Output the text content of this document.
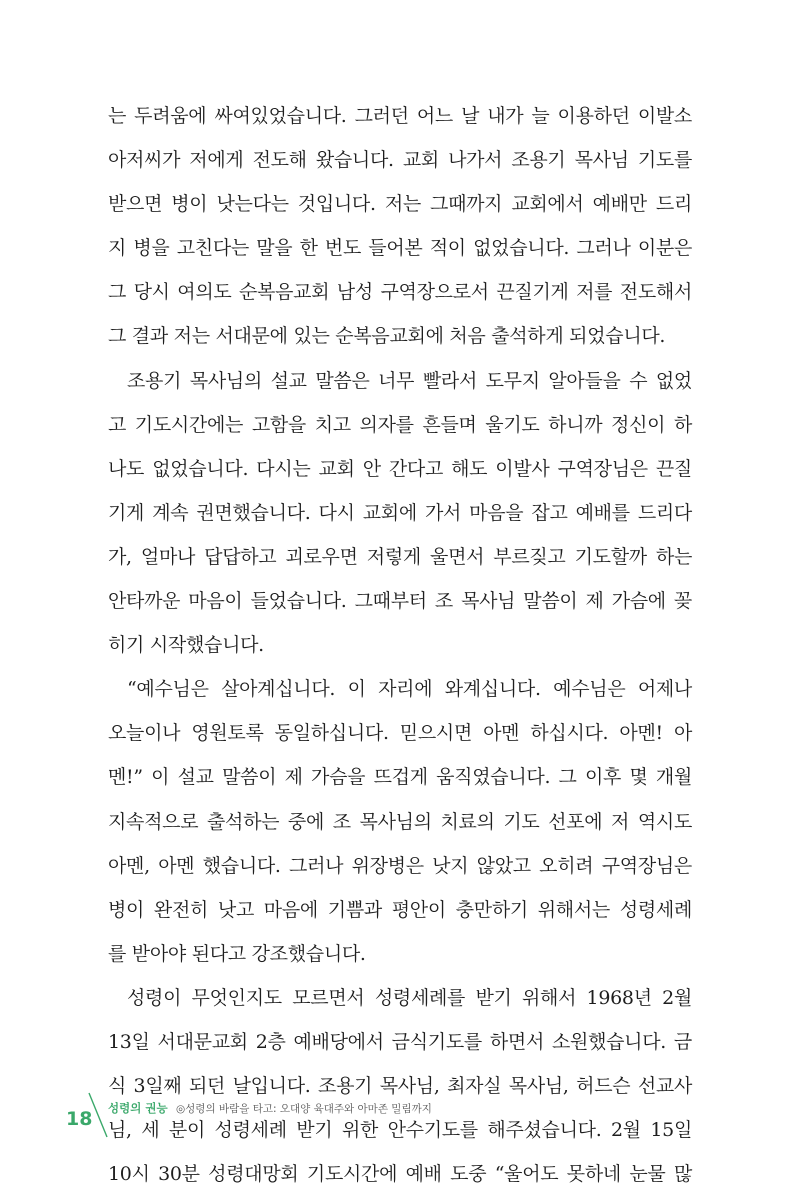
는 두려움에 싸여있었습니다. 그러던 어느 날 내가 늘 이용하던 이발소
아저씨가 저에게 전도해 왔습니다. 교회 나가서 조용기 목사님 기도를
받으면 병이 낫는다는 것입니다. 저는 그때까지 교회에서 예배만 드리
지 병을 고친다는 말을 한 번도 들어본 적이 없었습니다. 그러나 이분은
그 당시 여의도 순복음교회 남성 구역장으로서 끈질기게 저를 전도해서
그 결과 저는 서대문에 있는 순복음교회에 처음 출석하게 되었습니다.
조용기 목사님의 설교 말씀은 너무 빨라서 도무지 알아들을 수 없었
고 기도시간에는 고함을 치고 의자를 흔들며 울기도 하니까 정신이 하
나도 없었습니다. 다시는 교회 안 간다고 해도 이발사 구역장님은 끈질
기게 계속 권면했습니다. 다시 교회에 가서 마음을 잡고 예배를 드리다
가, 얼마나 답답하고 괴로우면 저렇게 울면서 부르짖고 기도할까 하는
안타까운 마음이 들었습니다. 그때부터 조 목사님 말씀이 제 가슴에 꽂
히기 시작했습니다.
“예수님은 살아계십니다. 이 자리에 와계십니다. 예수님은 어제나
오늘이나 영원토록 동일하십니다. 믿으시면 아멘 하십시다. 아멘! 아
멘!” 이 설교 말씀이 제 가슴을 뜨겁게 움직였습니다. 그 이후 몇 개월
지속적으로 출석하는 중에 조 목사님의 치료의 기도 선포에 저 역시도
아멘, 아멘 했습니다. 그러나 위장병은 낫지 않았고 오히려 구역장님은
병이 완전히 낫고 마음에 기쁨과 평안이 충만하기 위해서는 성령세례
를 받아야 된다고 강조했습니다.
성령이 무엇인지도 모르면서 성령세례를 받기 위해서 1968년 2월
13일 서대문교회 2층 예배당에서 금식기도를 하면서 소원했습니다. 금
식 3일째 되던 날입니다. 조용기 목사님, 최자실 목사님, 허드슨 선교사
님, 세 분이 성령세례 받기 위한 안수기도를 해주셨습니다. 2월 15일
10시 30분 성령대망회 기도시간에 예배 도중 “울어도 못하네 눈물 많
18 성령의 권능 ◎성령의 바람을 타고: 오대양 육대주와 아마존 밀림까지
